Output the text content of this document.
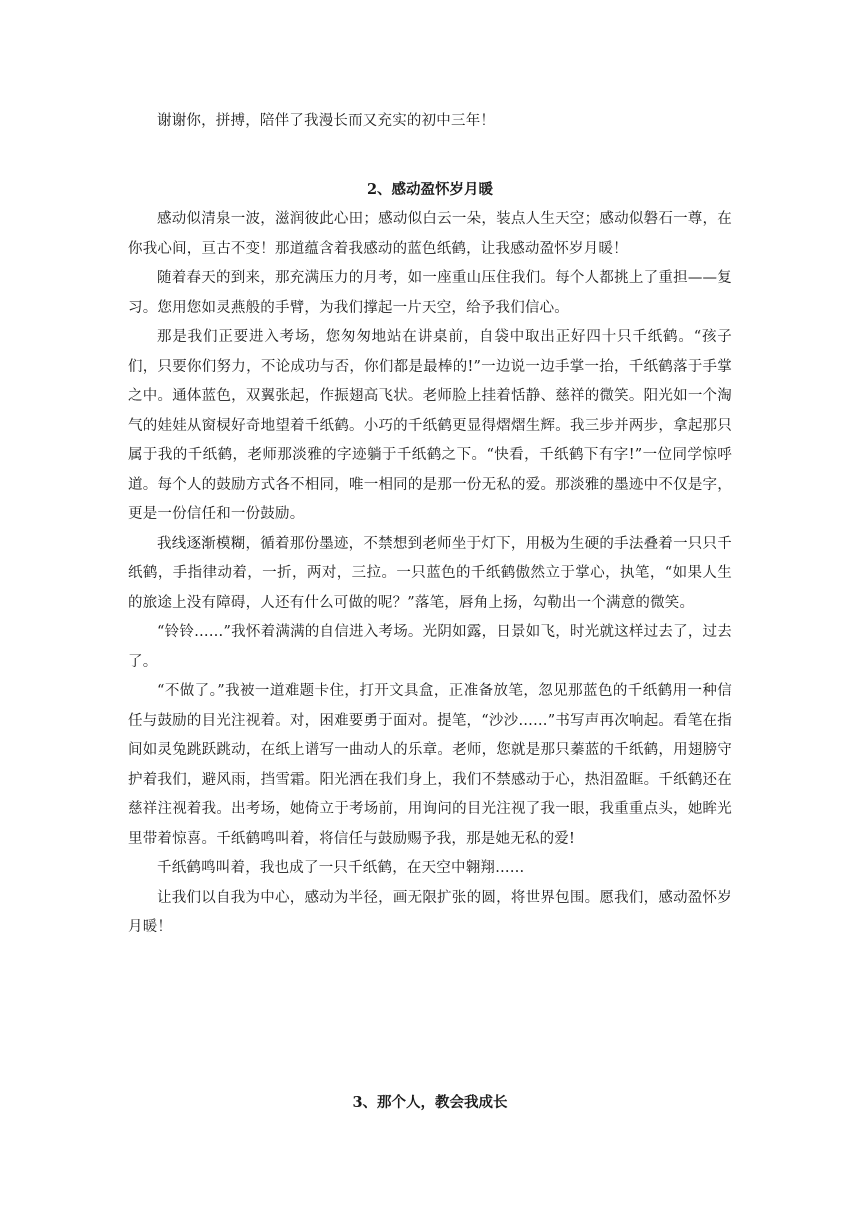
谢谢你，拼搏，陪伴了我漫长而又充实的初中三年！

2、感动盈怀岁月暖

感动似清泉一波，滋润彼此心田；感动似白云一朵，装点人生天空；感动似磐石一尊，在你我心间，亘古不变！那道蕴含着我感动的蓝色纸鹤，让我感动盈怀岁月暖！

随着春天的到来，那充满压力的月考，如一座重山压住我们。每个人都挑上了重担——复习。您用您如灵燕般的手臂，为我们撑起一片天空，给予我们信心。

那是我们正要进入考场，您匆匆地站在讲桌前，自袋中取出正好四十只千纸鹤。“孩子们，只要你们努力，不论成功与否，你们都是最棒的!”一边说一边手掌一抬，千纸鹤落于手掌之中。通体蓝色，双翼张起，作振翅高飞状。老师脸上挂着恬静、慈祥的微笑。阳光如一个淘气的娃娃从窗棂好奇地望着千纸鹤。小巧的千纸鹤更显得熠熠生辉。我三步并两步，拿起那只属于我的千纸鹤，老师那淡雅的字迹躺于千纸鹤之下。“快看，千纸鹤下有字!”一位同学惊呼道。每个人的鼓励方式各不相同，唯一相同的是那一份无私的爱。那淡雅的墨迹中不仅是字，更是一份信任和一份鼓励。

我线逐渐模糊，循着那份墨迹，不禁想到老师坐于灯下，用极为生硬的手法叠着一只只千纸鹤，手指律动着，一折，两对，三拉。一只蓝色的千纸鹤傲然立于掌心，执笔，“如果人生的旅途上没有障碍，人还有什么可做的呢？”落笔，唇角上扬，勾勒出一个满意的微笑。

“铃铃……”我怀着满满的自信进入考场。光阴如露，日景如飞，时光就这样过去了，过去了。

“不做了。”我被一道难题卡住，打开文具盒，正准备放笔，忽见那蓝色的千纸鹤用一种信任与鼓励的目光注视着。对，困难要勇于面对。提笔，“沙沙……”书写声再次响起。看笔在指间如灵兔跳跃跳动，在纸上谱写一曲动人的乐章。老师，您就是那只蓁蓝的千纸鹤，用翅膀守护着我们，避风雨，挡雪霜。阳光洒在我们身上，我们不禁感动于心，热泪盈眶。千纸鹤还在慈祥注视着我。出考场，她倚立于考场前，用询问的目光注视了我一眼，我重重点头，她眸光里带着惊喜。千纸鹤鸣叫着，将信任与鼓励赐予我，那是她无私的爱!

千纸鹤鸣叫着，我也成了一只千纸鹤，在天空中翱翔……

让我们以自我为中心，感动为半径，画无限扩张的圆，将世界包围。愿我们，感动盈怀岁月暖！

3、那个人，教会我成长
